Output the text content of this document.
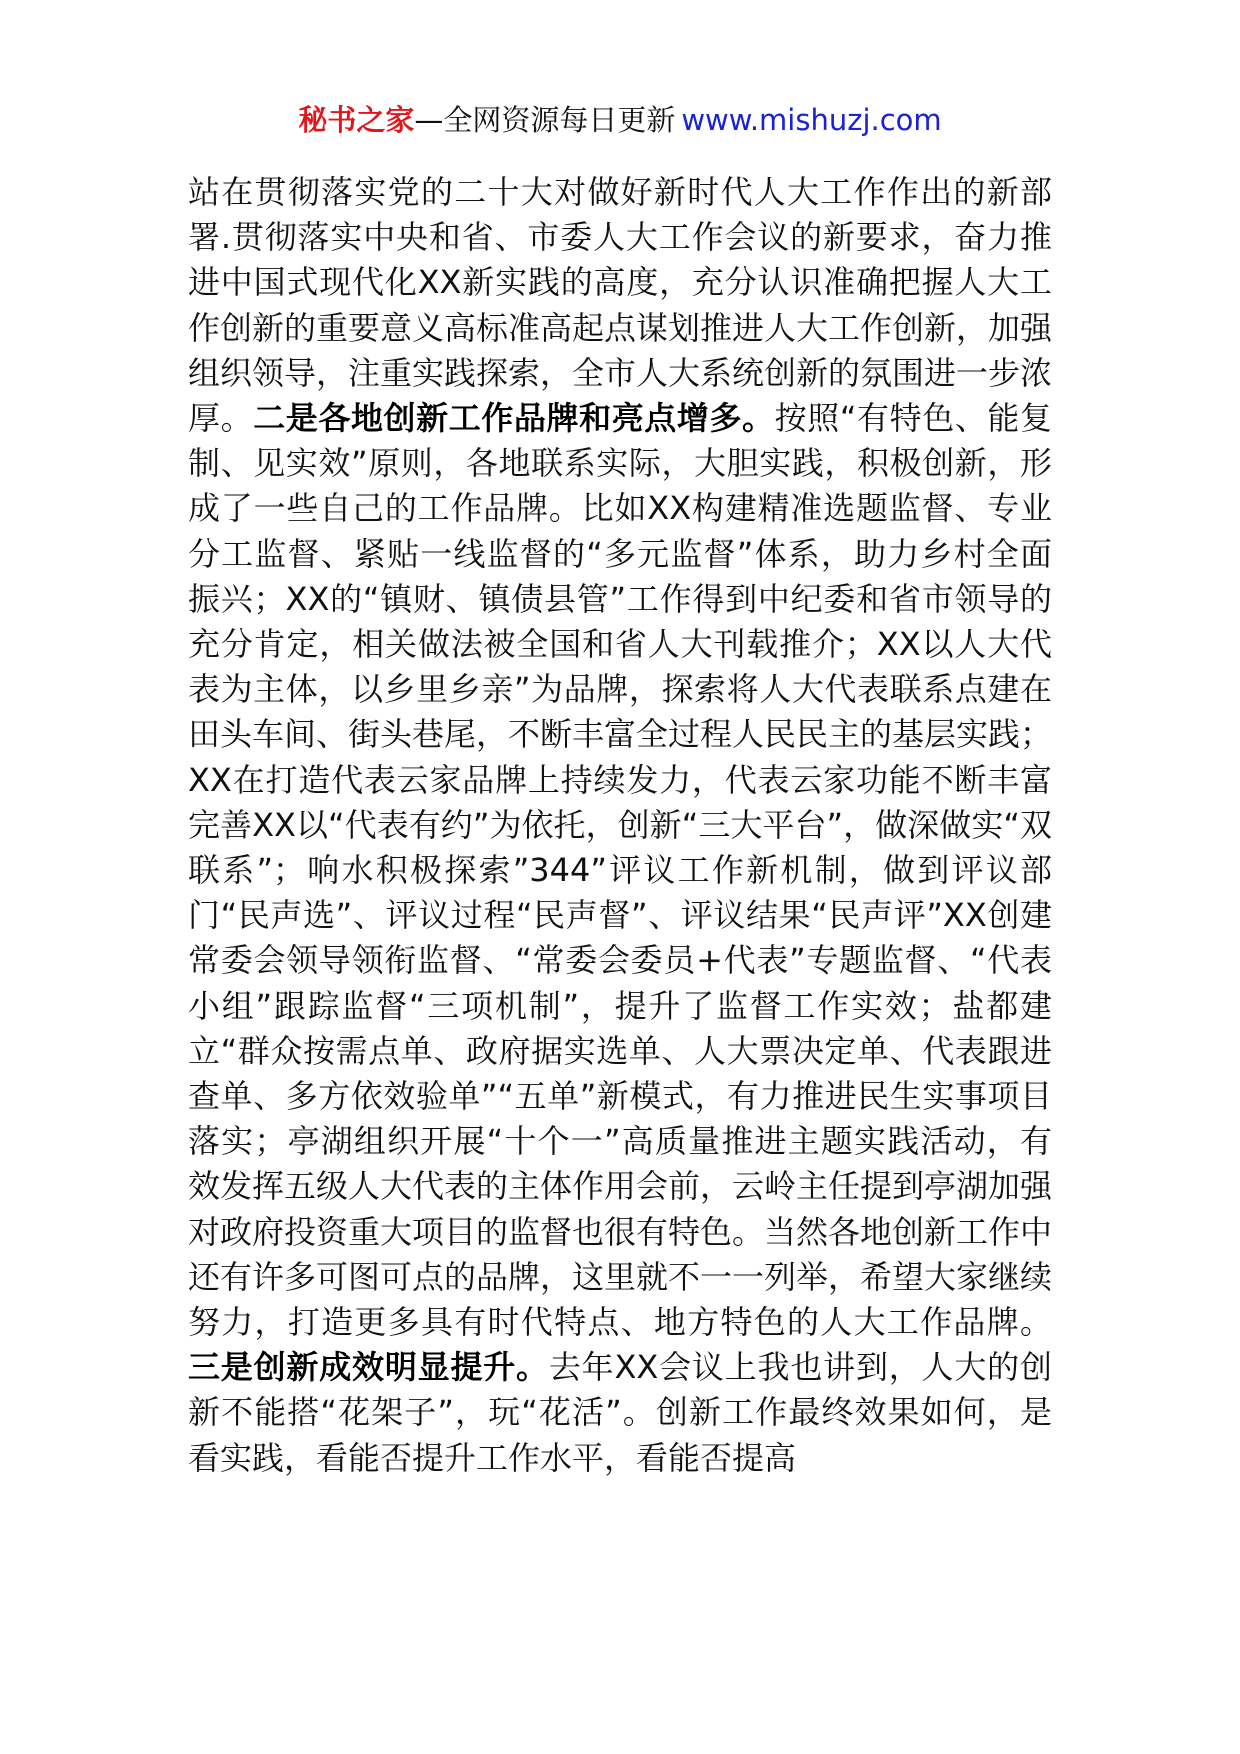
秘书之家—全网资源每日更新 www.mishuzj.com

站在贯彻落实党的二十大对做好新时代人大工作作出的新部署.贯彻落实中央和省、市委人大工作会议的新要求，奋力推进中国式现代化XX新实践的高度，充分认识准确把握人大工作创新的重要意义高标准高起点谋划推进人大工作创新，加强组织领导，注重实践探索，全市人大系统创新的氛围进一步浓厚。二是各地创新工作品牌和亮点增多。按照“有特色、能复制、见实效”原则，各地联系实际，大胆实践，积极创新，形成了一些自己的工作品牌。比如XX构建精准选题监督、专业分工监督、紧贴一线监督的“多元监督”体系，助力乡村全面振兴；XX的“镇财、镇债县管”工作得到中纪委和省市领导的充分肯定，相关做法被全国和省人大刊载推介；XX以人大代表为主体，以乡里乡亲”为品牌，探索将人大代表联系点建在田头车间、街头巷尾，不断丰富全过程人民民主的基层实践；XX在打造代表云家品牌上持续发力，代表云家功能不断丰富完善XX以“代表有约”为依托，创新“三大平台”，做深做实“双联系”；响水积极探索”344”评议工作新机制，做到评议部门“民声选”、评议过程“民声督”、评议结果“民声评”XX创建常委会领导领衔监督、“常委会委员+代表”专题监督、“代表小组”跟踪监督“三项机制”，提升了监督工作实效；盐都建立“群众按需点单、政府据实选单、人大票决定单、代表跟进查单、多方依效验单”“五单”新模式，有力推进民生实事项目落实；亭湖组织开展“十个一”高质量推进主题实践活动，有效发挥五级人大代表的主体作用会前，云岭主任提到亭湖加强对政府投资重大项目的监督也很有特色。当然各地创新工作中还有许多可图可点的品牌，这里就不一一列举，希望大家继续努力，打造更多具有时代特点、地方特色的人大工作品牌。三是创新成效明显提升。去年XX会议上我也讲到，人大的创新不能搭“花架子”，玩“花活”。创新工作最终效果如何，是看实践，看能否提升工作水平，看能否提高
